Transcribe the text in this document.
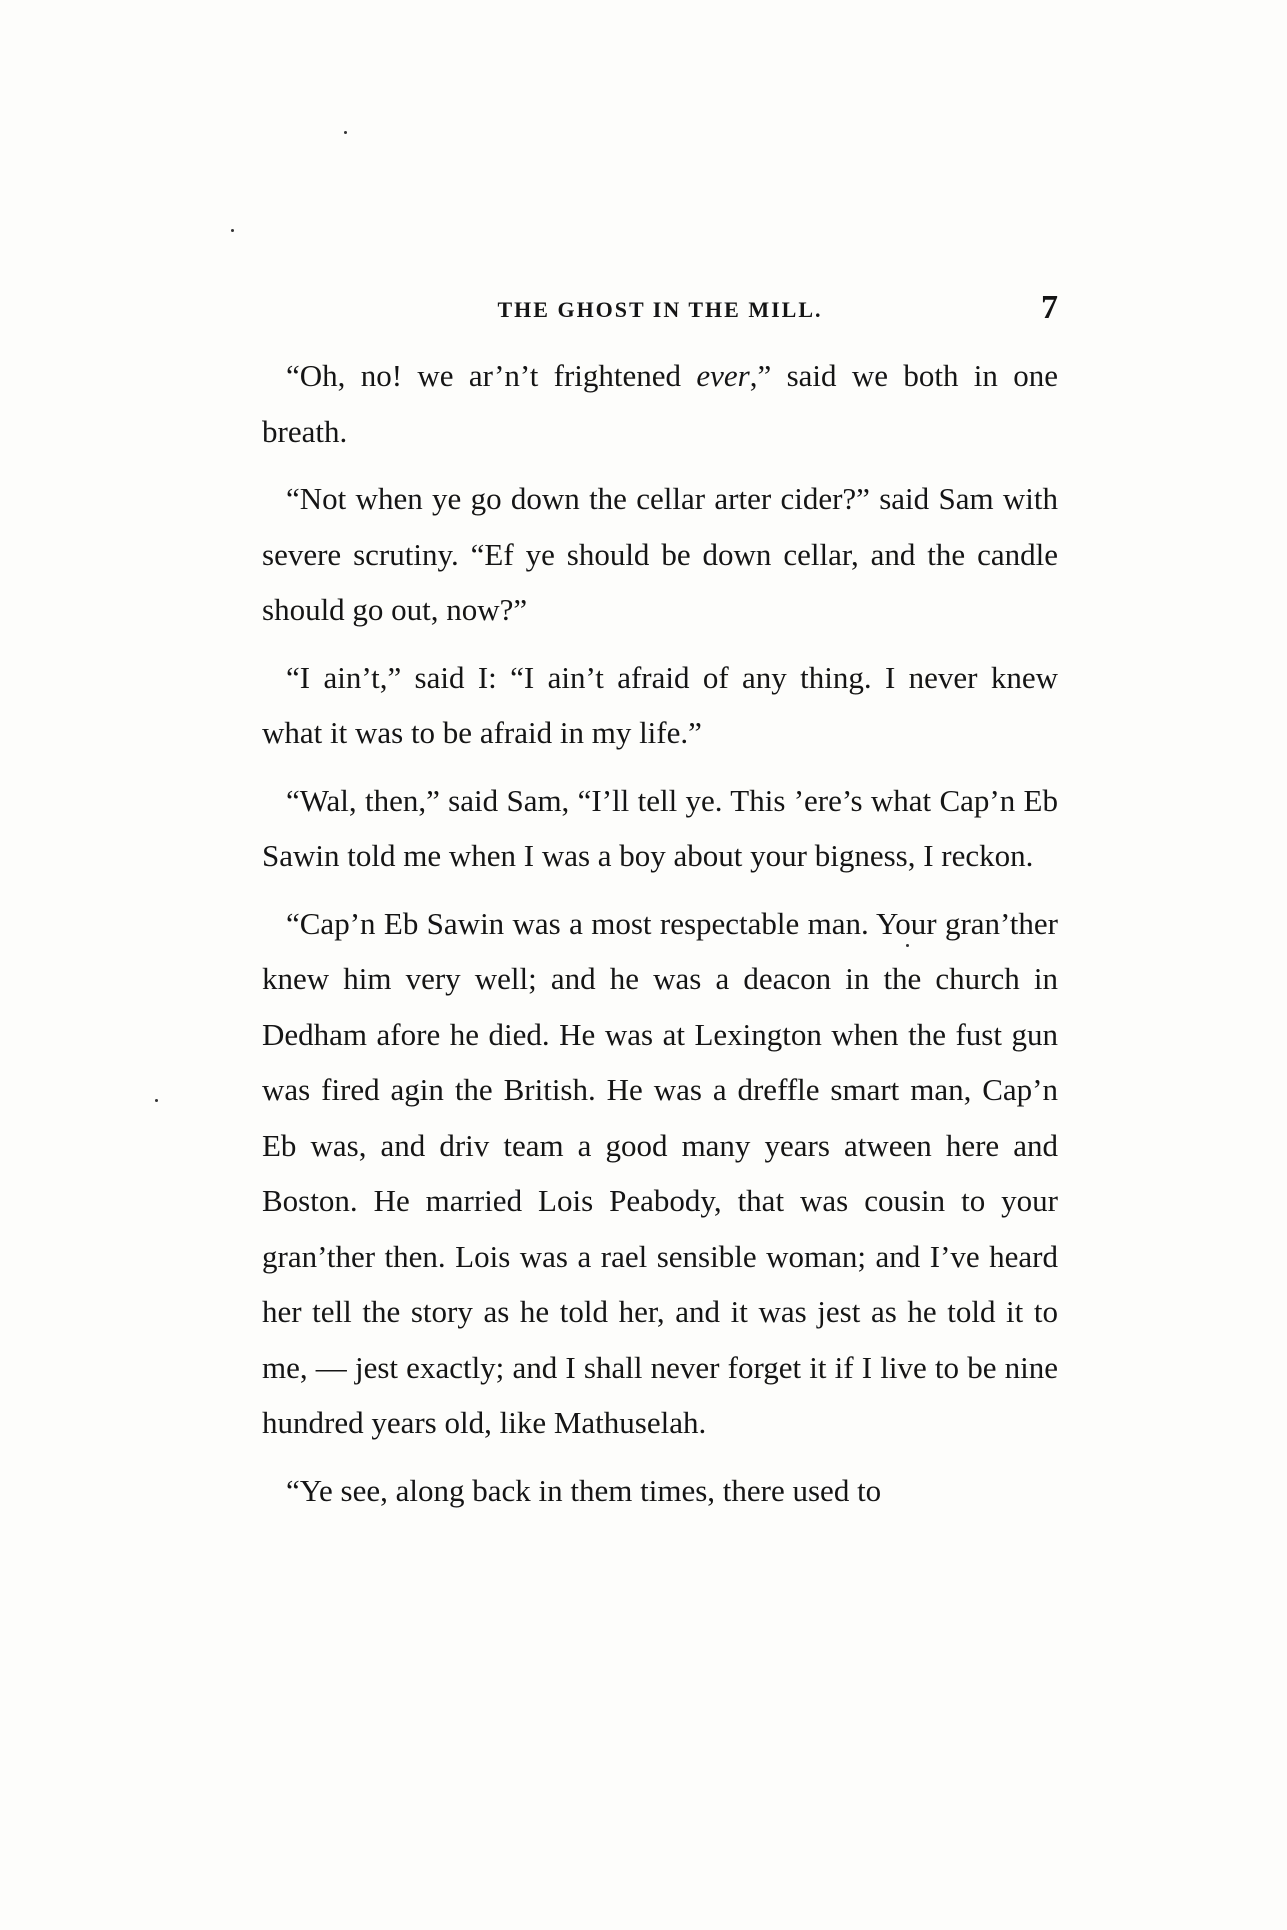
THE GHOST IN THE MILL.	7

“Oh, no! we ar’n’t frightened ever,” said we both in one breath.

“Not when ye go down the cellar arter cider?” said Sam with severe scrutiny. “Ef ye should be down cellar, and the candle should go out, now?”

“I ain’t,” said I: “I ain’t afraid of any thing. I never knew what it was to be afraid in my life.”

“Wal, then,” said Sam, “I’ll tell ye. This ’ere’s what Cap’n Eb Sawin told me when I was a boy about your bigness, I reckon.

“Cap’n Eb Sawin was a most respectable man. Your gran’ther knew him very well; and he was a deacon in the church in Dedham afore he died. He was at Lexington when the fust gun was fired agin the British. He was a dreffle smart man, Cap’n Eb was, and driv team a good many years atween here and Boston. He married Lois Peabody, that was cousin to your gran’ther then. Lois was a rael sensible woman; and I’ve heard her tell the story as he told her, and it was jest as he told it to me, — jest exactly; and I shall never forget it if I live to be nine hundred years old, like Mathuselah.

“Ye see, along back in them times, there used to
